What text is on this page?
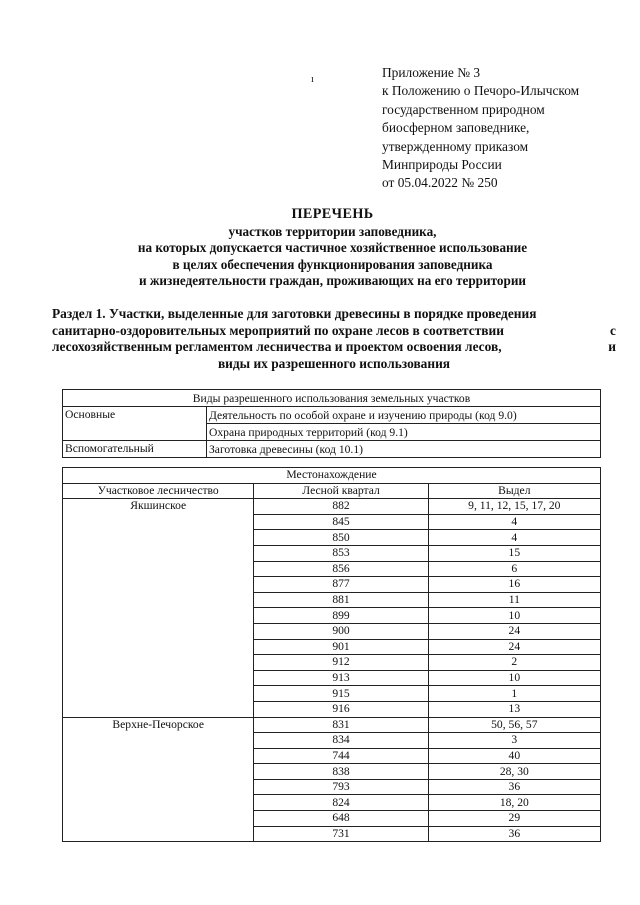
ı	Приложение № 3
к Положению о Печоро-Илычском
государственном природном
биосферном заповеднике,
утвержденному приказом
Минприроды России
от 05.04.2022 № 250
ПЕРЕЧЕНЬ
участков территории заповедника,
на которых допускается частичное хозяйственное использование
в целях обеспечения функционирования заповедника
и жизнедеятельности граждан, проживающих на его территории
Раздел 1. Участки, выделенные для заготовки древесины в порядке проведения
санитарно-оздоровительных мероприятий по охране лесов в соответствии	с
лесохозяйственным регламентом лесничества и проектом освоения лесов,	и
виды их разрешенного использования
Виды разрешенного использования земельных участков	
Основные	Деятельность по особой охране и изучению природы (код 9.0)
	Охрана природных территорий (код 9.1)
Вспомогательный	Заготовка древесины (код 10.1)
Местонахождение		
Участковое лесничество	Лесной квартал	Выдел
Якшинское	882	9, 11, 12, 15, 17, 20
	845	4
	850	4
	853	15
	856	6
	877	16
	881	11
	899	10
	900	24
	901	24
	912	2
	913	10
	915	1
	916	13
Верхне-Печорское	831	50, 56, 57
	834	3
	744	40
	838	28, 30
	793	36
	824	18, 20
	648	29
	731	36
